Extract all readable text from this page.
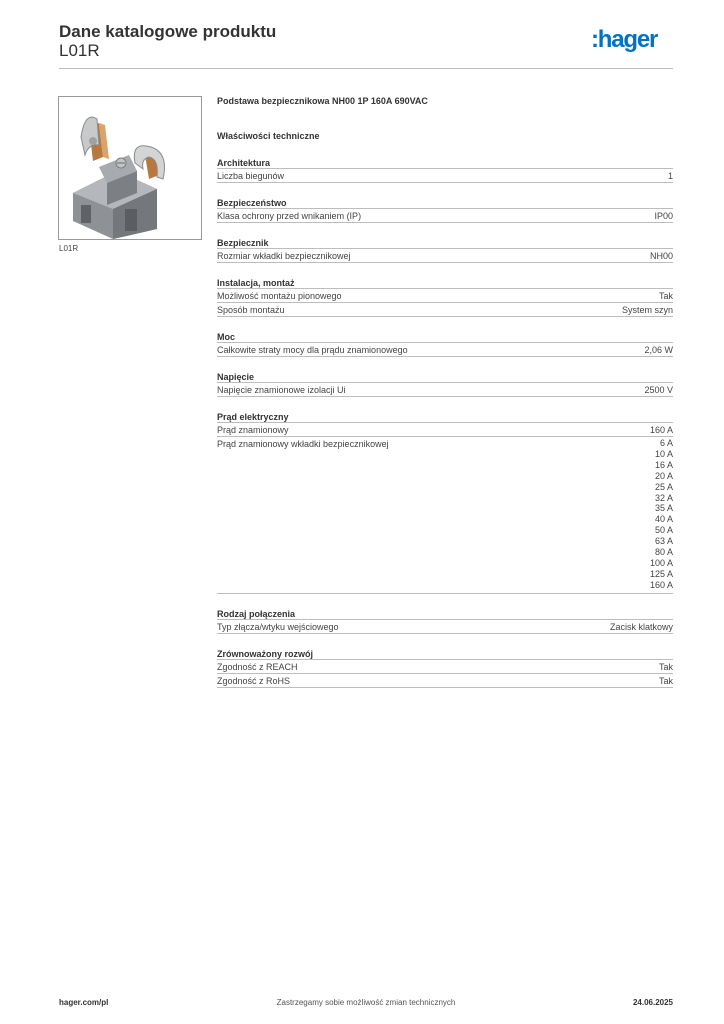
Dane katalogowe produktu
L01R	:hager
L01R
Podstawa bezpiecznikowa NH00 1P 160A 690VAC
Właściwości techniczne
Architektura
Liczba biegunów	1
Bezpieczeństwo
Klasa ochrony przed wnikaniem (IP)	IP00
Bezpiecznik
Rozmiar wkładki bezpiecznikowej	NH00
Instalacja, montaż
Możliwość montażu pionowego	Tak
Sposób montażu	System szyn
Moc
Całkowite straty mocy dla prądu znamionowego	2,06 W
Napięcie
Napięcie znamionowe izolacji Ui	2500 V
Prąd elektryczny
Prąd znamionowy	160 A
Prąd znamionowy wkładki bezpiecznikowej	6 A
10 A
16 A
20 A
25 A
32 A
35 A
40 A
50 A
63 A
80 A
100 A
125 A
160 A
Rodzaj połączenia
Typ złącza/wtyku wejściowego	Zacisk klatkowy
Zrównoważony rozwój
Zgodność z REACH	Tak
Zgodność z RoHS	Tak
hager.com/pl	Zastrzegamy sobie możliwość zmian technicznych	24.06.2025
